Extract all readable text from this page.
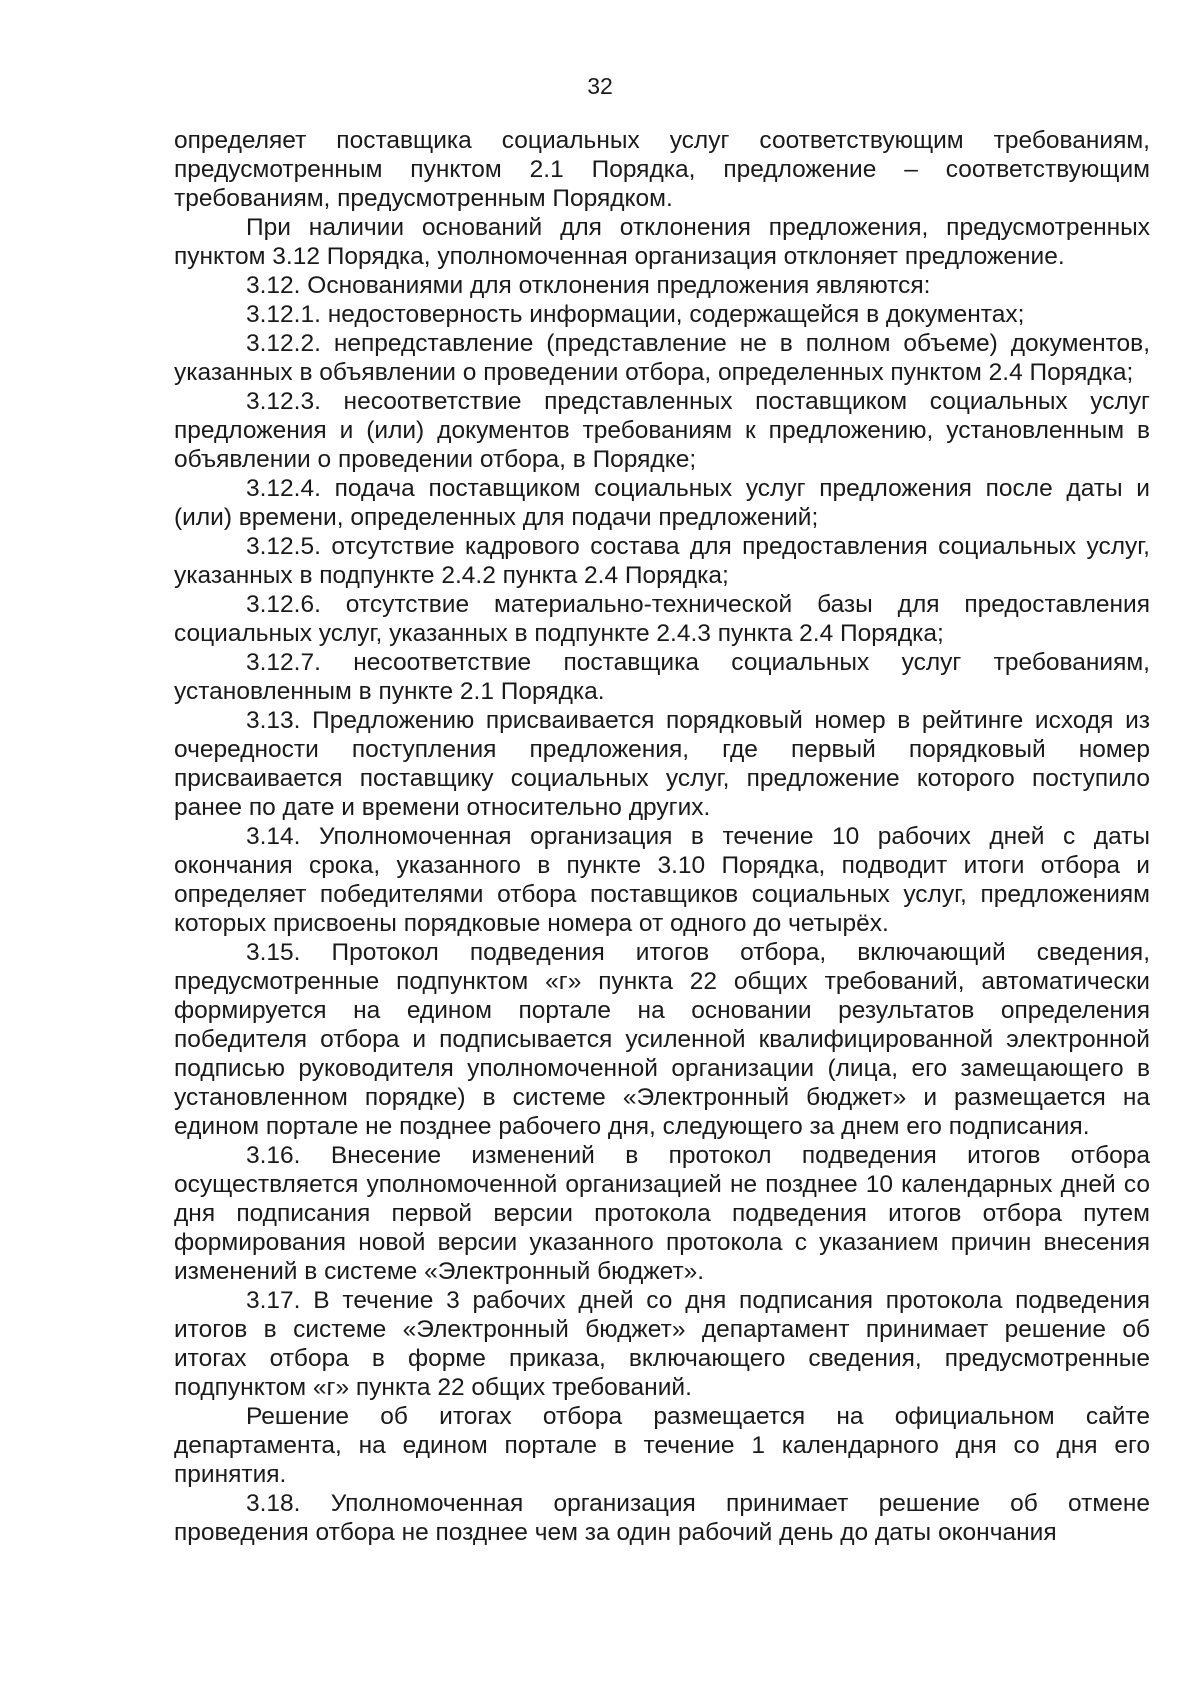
32

определяет поставщика социальных услуг соответствующим требованиям, предусмотренным пунктом 2.1 Порядка, предложение – соответствующим требованиям, предусмотренным Порядком.

При наличии оснований для отклонения предложения, предусмотренных пунктом 3.12 Порядка, уполномоченная организация отклоняет предложение.

3.12. Основаниями для отклонения предложения являются:

3.12.1. недостоверность информации, содержащейся в документах;

3.12.2. непредставление (представление не в полном объеме) документов, указанных в объявлении о проведении отбора, определенных пунктом 2.4 Порядка;

3.12.3. несоответствие представленных поставщиком социальных услуг предложения и (или) документов требованиям к предложению, установленным в объявлении о проведении отбора, в Порядке;

3.12.4. подача поставщиком социальных услуг предложения после даты и (или) времени, определенных для подачи предложений;

3.12.5. отсутствие кадрового состава для предоставления социальных услуг, указанных в подпункте 2.4.2 пункта 2.4 Порядка;

3.12.6. отсутствие материально-технической базы для предоставления социальных услуг, указанных в подпункте 2.4.3 пункта 2.4 Порядка;

3.12.7. несоответствие поставщика социальных услуг требованиям, установленным в пункте 2.1 Порядка.

3.13. Предложению присваивается порядковый номер в рейтинге исходя из очередности поступления предложения, где первый порядковый номер присваивается поставщику социальных услуг, предложение которого поступило ранее по дате и времени относительно других.

3.14. Уполномоченная организация в течение 10 рабочих дней с даты окончания срока, указанного в пункте 3.10 Порядка, подводит итоги отбора и определяет победителями отбора поставщиков социальных услуг, предложениям которых присвоены порядковые номера от одного до четырёх.

3.15. Протокол подведения итогов отбора, включающий сведения, предусмотренные подпунктом «г» пункта 22 общих требований, автоматически формируется на едином портале на основании результатов определения победителя отбора и подписывается усиленной квалифицированной электронной подписью руководителя уполномоченной организации (лица, его замещающего в установленном порядке) в системе «Электронный бюджет» и размещается на едином портале не позднее рабочего дня, следующего за днем его подписания.

3.16. Внесение изменений в протокол подведения итогов отбора осуществляется уполномоченной организацией не позднее 10 календарных дней со дня подписания первой версии протокола подведения итогов отбора путем формирования новой версии указанного протокола с указанием причин внесения изменений в системе «Электронный бюджет».

3.17. В течение 3 рабочих дней со дня подписания протокола подведения итогов в системе «Электронный бюджет» департамент принимает решение об итогах отбора в форме приказа, включающего сведения, предусмотренные подпунктом «г» пункта 22 общих требований.

Решение об итогах отбора размещается на официальном сайте департамента, на едином портале в течение 1 календарного дня со дня его принятия.

3.18. Уполномоченная организация принимает решение об отмене проведения отбора не позднее чем за один рабочий день до даты окончания
